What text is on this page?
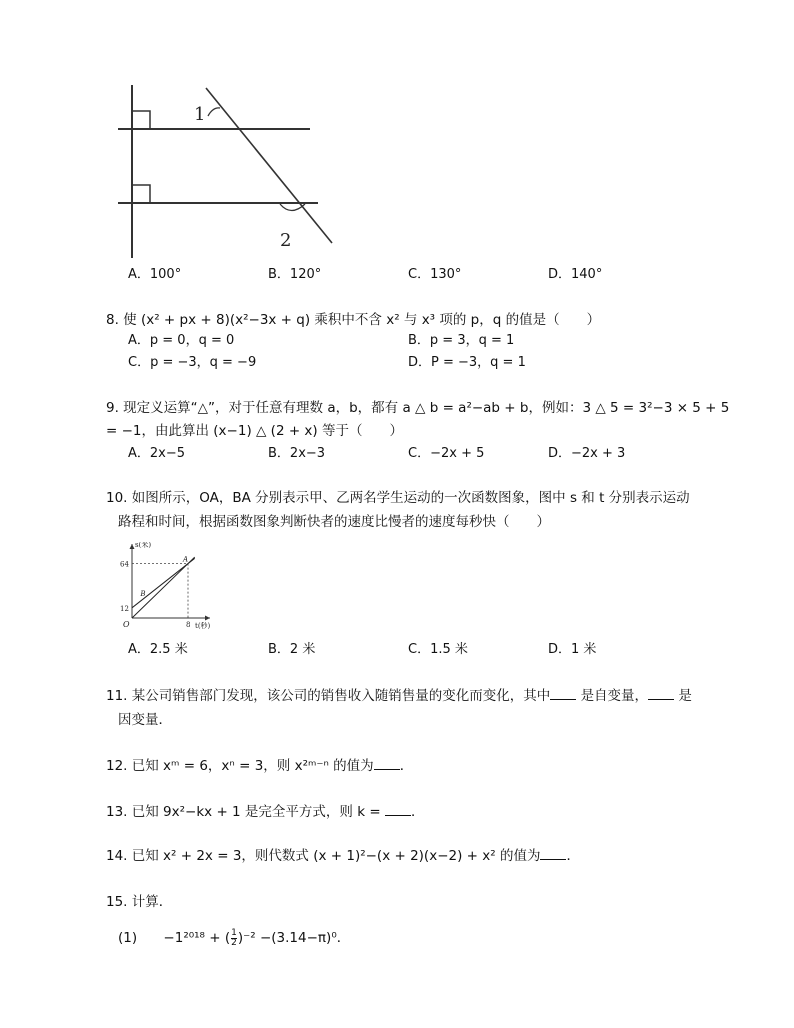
1
2
A．100°	B．120°	C．130°	D．140°
8. 使 (x² + px + 8)(x²−3x + q) 乘积中不含 x² 与 x³ 项的 p，q 的值是（　　）
A．p = 0，q = 0	B．p = 3，q = 1
C．p = −3，q = −9	D．P = −3，q = 1
9. 现定义运算“△”，对于任意有理数 a，b，都有 a △ b = a²−ab + b，例如：3 △ 5 = 3²−3 × 5 + 5
= −1，由此算出 (x−1) △ (2 + x) 等于（　　）
A．2x−5	B．2x−3	C．−2x + 5	D．−2x + 3
10. 如图所示，OA，BA 分别表示甲、乙两名学生运动的一次函数图象，图中 s 和 t 分别表示运动
路程和时间，根据函数图象判断快者的速度比慢者的速度每秒快（　　）
s(米)
t(秒)
O
64
12
8
A
B
A．2.5 米	B．2 米	C．1.5 米	D．1 米
11. 某公司销售部门发现，该公司的销售收入随销售量的变化而变化，其中 是自变量， 是
因变量．
12. 已知 xᵐ = 6，xⁿ = 3，则 x²ᵐ⁻ⁿ 的值为 ．
13. 已知 9x²−kx + 1 是完全平方式，则 k = ．
14. 已知 x² + 2x = 3，则代数式 (x + 1)²−(x + 2)(x−2) + x² 的值为 ．
15. 计算．
(1) −1²⁰¹⁸ + ( $\frac{1}{2} )^{-2} -(3.14-\pi)^0$．
